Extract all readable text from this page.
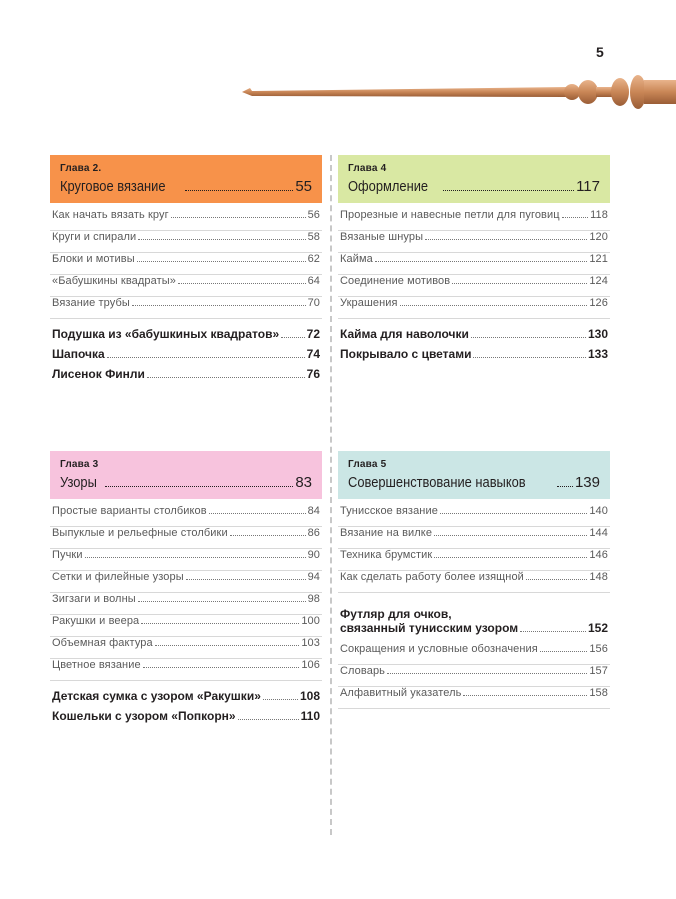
5
Глава 2.
Круговое вязание	55
Как начать вязать круг	56
Круги и спирали	58
Блоки и мотивы	62
«Бабушкины квадраты»	64
Вязание трубы	70
Подушка из «бабушкиных квадратов» 72
Шапочка	74
Лисенок Финли	76
Глава 4
Оформление	117
Прорезные и навесные петли для пуговиц	118
Вязаные шнуры	120
Кайма	121
Соединение мотивов	124
Украшения	126
Кайма для наволочки	130
Покрывало с цветами	133
Глава 3
Узоры	83
Простые варианты столбиков	84
Выпуклые и рельефные столбики	86
Пучки	90
Сетки и филейные узоры	94
Зигзаги и волны	98
Ракушки и веера	100
Объемная фактура	103
Цветное вязание	106
Детская сумка с узором «Ракушки»	108
Кошельки с узором «Попкорн»	110
Глава 5
Совершенствование навыков	139
Тунисское вязание	140
Вязание на вилке	144
Техника брумстик	146
Как сделать работу более изящной	148
Футляр для очков,
связанный тунисским узором	152
Сокращения и условные обозначения	156
Словарь	157
Алфавитный указатель	158
